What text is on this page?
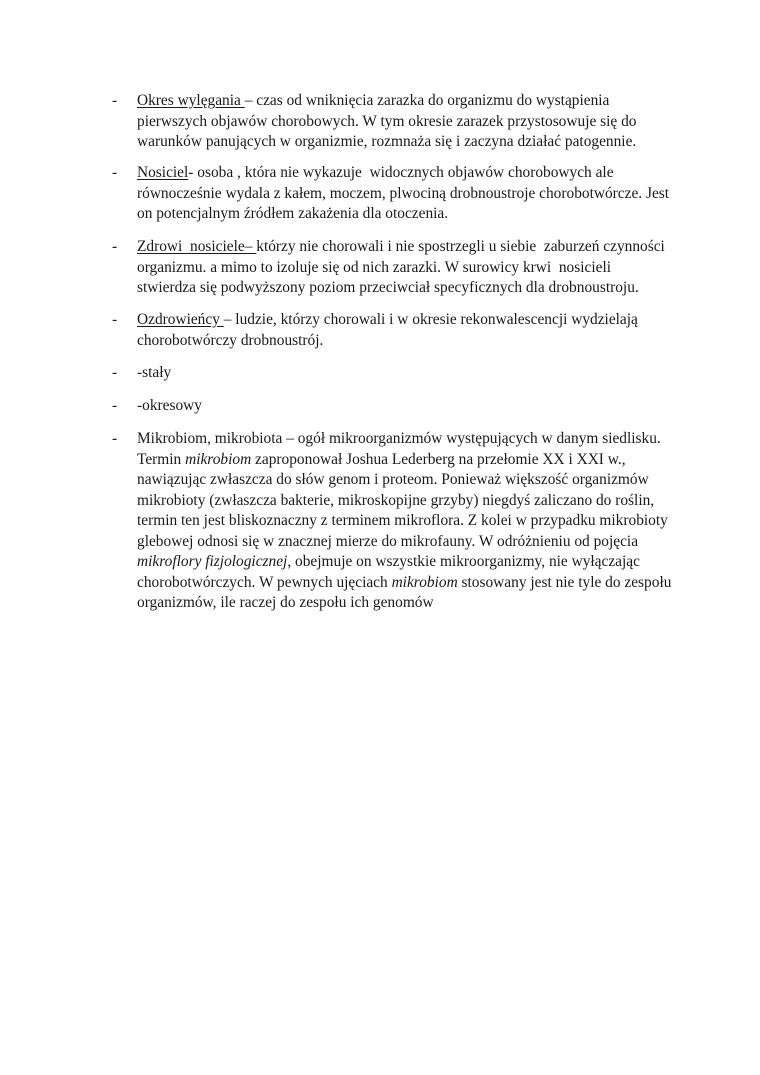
- Okres wylęgania – czas od wniknięcia zarazka do organizmu do wystąpienia
pierwszych objawów chorobowych. W tym okresie zarazek przystosowuje się do
warunków panujących w organizmie, rozmnaża się i zaczyna działać patogennie.
- Nosiciel- osoba , która nie wykazuje  widocznych objawów chorobowych ale
równocześnie wydala z kałem, moczem, plwociną drobnoustroje chorobotwórcze. Jest
on potencjalnym źródłem zakażenia dla otoczenia.
- Zdrowi  nosiciele– którzy nie chorowali i nie spostrzegli u siebie  zaburzeń czynności
organizmu. a mimo to izoluje się od nich zarazki. W surowicy krwi  nosicieli
stwierdza się podwyższony poziom przeciwciał specyficznych dla drobnoustroju.
- Ozdrowieńcy – ludzie, którzy chorowali i w okresie rekonwalescencji wydzielają
chorobotwórczy drobnoustrój.
- -stały
- -okresowy
- Mikrobiom, mikrobiota – ogół mikroorganizmów występujących w danym siedlisku.
Termin mikrobiom zaproponował Joshua Lederberg na przełomie XX i XXI w.,
nawiązując zwłaszcza do słów genom i proteom. Ponieważ większość organizmów
mikrobioty (zwłaszcza bakterie, mikroskopijne grzyby) niegdyś zaliczano do roślin,
termin ten jest bliskoznaczny z terminem mikroflora. Z kolei w przypadku mikrobioty
glebowej odnosi się w znacznej mierze do mikrofauny. W odróżnieniu od pojęcia
mikroflory fizjologicznej, obejmuje on wszystkie mikroorganizmy, nie wyłączając
chorobotwórczych. W pewnych ujęciach mikrobiom stosowany jest nie tyle do zespołu
organizmów, ile raczej do zespołu ich genomów
